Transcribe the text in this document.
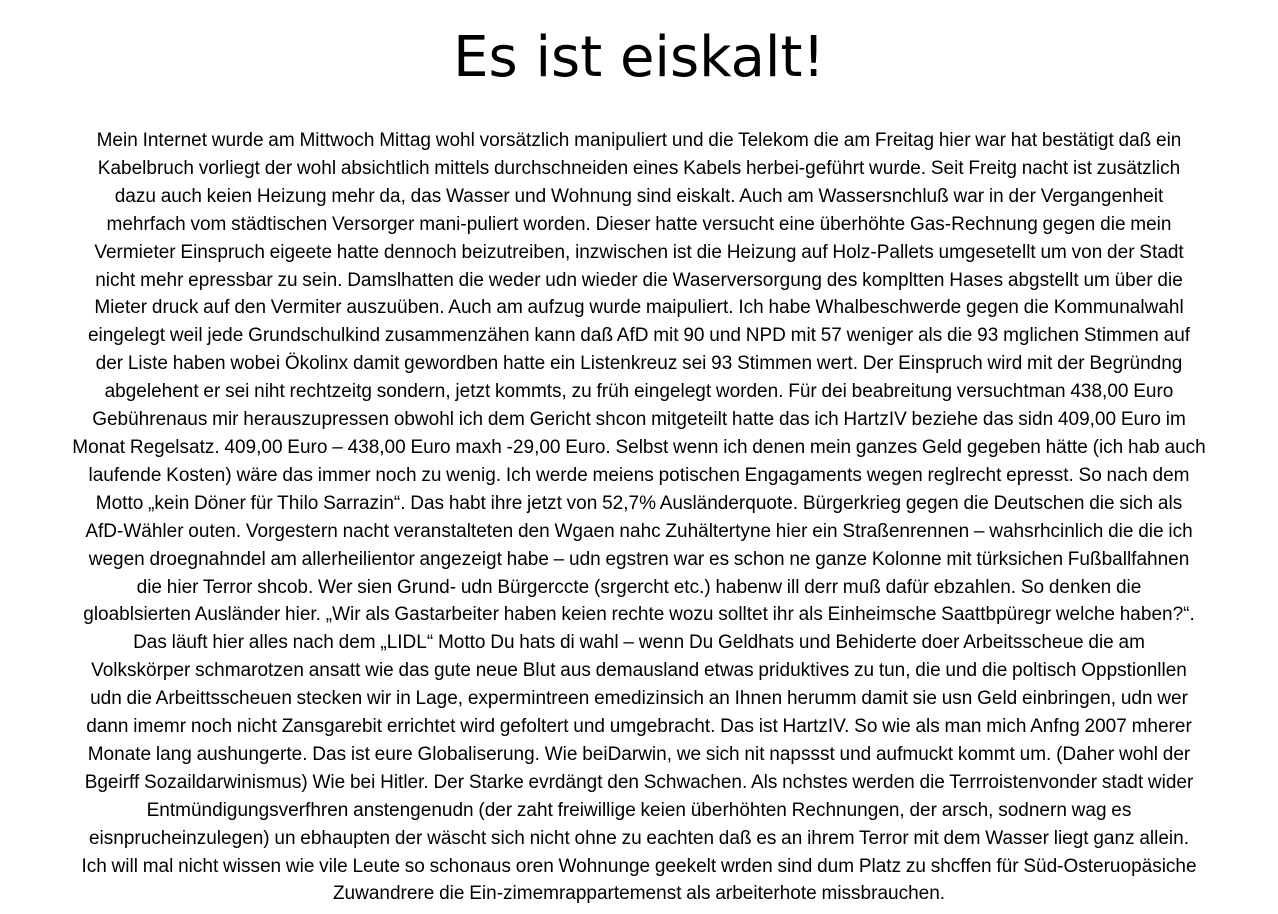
Es ist eiskalt!
Mein Internet wurde am Mittwoch Mittag wohl vorsätzlich manipuliert und die Telekom die am Freitag hier war hat bestätigt daß ein
Kabelbruch vorliegt der wohl absichtlich mittels durchschneiden eines Kabels herbei-geführt wurde. Seit Freitg nacht ist zusätzlich
dazu auch keien Heizung mehr da, das Wasser und Wohnung sind eiskalt. Auch am Wassersnchluß war in der Vergangenheit
mehrfach vom städtischen Versorger mani-puliert worden. Dieser hatte versucht eine überhöhte Gas-Rechnung gegen die mein
Vermieter Einspruch eigeete hatte dennoch beizutreiben, inzwischen ist die Heizung auf Holz-Pallets umgesetellt um von der Stadt
nicht mehr epressbar zu sein. Damslhatten die weder udn wieder die Waserversorgung des kompltten Hases abgstellt um über die
Mieter druck auf den Vermiter auszuüben. Auch am aufzug wurde maipuliert. Ich habe Whalbeschwerde gegen die Kommunalwahl
eingelegt weil jede Grundschulkind zusammenzähen kann daß AfD mit 90 und NPD mit 57 weniger als die 93 mglichen Stimmen auf
der Liste haben wobei Ökolinx damit gewordben hatte ein Listenkreuz sei 93 Stimmen wert. Der Einspruch wird mit der Begründng
abgelehent er sei niht rechtzeitg sondern, jetzt kommts, zu früh eingelegt worden. Für dei beabreitung versuchtman 438,00 Euro
Gebührenaus mir herauszupressen obwohl ich dem Gericht shcon mitgeteilt hatte das ich HartzIV beziehe das sidn 409,00 Euro im
Monat Regelsatz. 409,00 Euro – 438,00 Euro maxh -29,00 Euro. Selbst wenn ich denen mein ganzes Geld gegeben hätte (ich hab auch
laufende Kosten) wäre das immer noch zu wenig. Ich werde meiens potischen Engagaments wegen reglrecht epresst. So nach dem
Motto „kein Döner für Thilo Sarrazin“. Das habt ihre jetzt von 52,7% Ausländerquote. Bürgerkrieg gegen die Deutschen die sich als
AfD-Wähler outen. Vorgestern nacht veranstalteten den Wgaen nahc Zuhältertyne hier ein Straßenrennen – wahsrhcinlich die die ich
wegen droegnahndel am allerheilientor angezeigt habe – udn egstren war es schon ne ganze Kolonne mit türksichen Fußballfahnen
die hier Terror shcob. Wer sien Grund- udn Bürgerccte (srgercht etc.) habenw ill derr muß dafür ebzahlen. So denken die
gloablsierten Ausländer hier. „Wir als Gastarbeiter haben keien rechte wozu solltet ihr als Einheimsche Saattbpüregr welche haben?“.
Das läuft hier alles nach dem „LIDL“ Motto Du hats di wahl – wenn Du Geldhats und Behiderte doer Arbeitsscheue die am
Volkskörper schmarotzen ansatt wie das gute neue Blut aus demausland etwas priduktives zu tun, die und die poltisch Oppstionllen
udn die Arbeittsscheuen stecken wir in Lage, expermintreen emedizinsich an Ihnen herumm damit sie usn Geld einbringen, udn wer
dann imemr noch nicht Zansgarebit errichtet wird gefoltert und umgebracht. Das ist HartzIV. So wie als man mich Anfng 2007 mherer
Monate lang aushungerte. Das ist eure Globaliserung. Wie beiDarwin, we sich nit napssst und aufmuckt kommt um. (Daher wohl der
Bgeirff Sozaildarwinismus) Wie bei Hitler. Der Starke evrdängt den Schwachen. Als nchstes werden die Terrroistenvonder stadt wider
Entmündigungsverfhren anstengenudn (der zaht freiwillige keien überhöhten Rechnungen, der arsch, sodnern wag es
eisnprucheinzulegen) un ebhaupten der wäscht sich nicht ohne zu eachten daß es an ihrem Terror mit dem Wasser liegt ganz allein.
Ich will mal nicht wissen wie vile Leute so schonaus oren Wohnunge geekelt wrden sind dum Platz zu shcffen für Süd-Osteruopäsiche
Zuwandrere die Ein-zimemrappartemenst als arbeiterhote missbrauchen.
